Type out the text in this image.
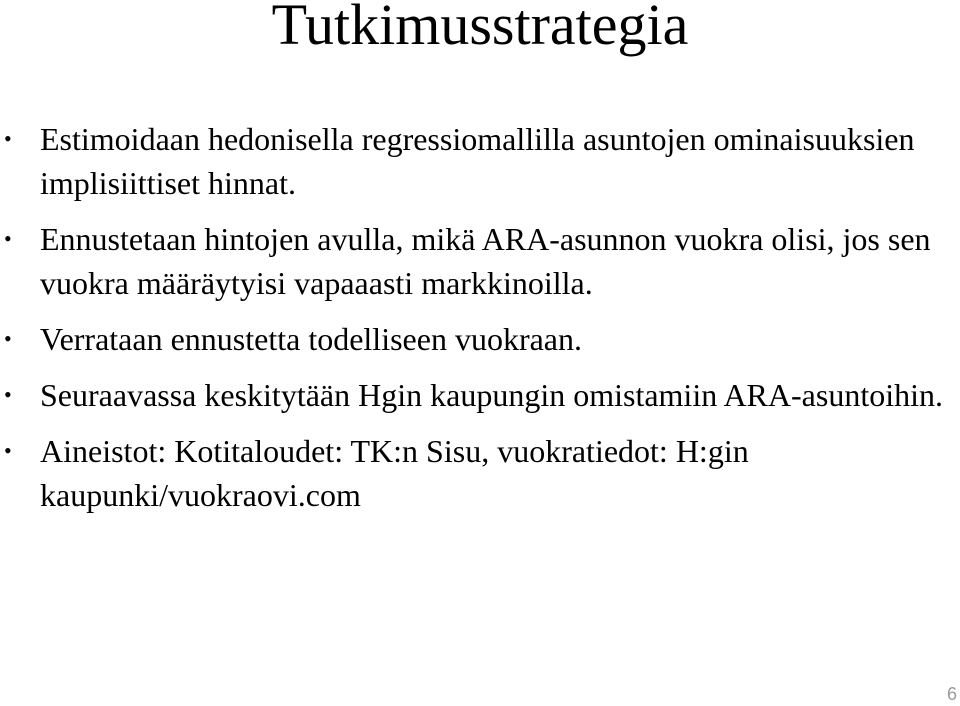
Tutkimusstrategia
• Estimoidaan hedonisella regressiomallilla asuntojen ominaisuuksien implisiittiset hinnat.
• Ennustetaan hintojen avulla, mikä ARA-asunnon vuokra olisi, jos sen vuokra määräytyisi vapaaasti markkinoilla.
• Verrataan ennustetta todelliseen vuokraan.
• Seuraavassa keskitytään Hgin kaupungin omistamiin ARA-asuntoihin.
• Aineistot: Kotitaloudet: TK:n Sisu, vuokratiedot: H:gin kaupunki/vuokraovi.com
6
